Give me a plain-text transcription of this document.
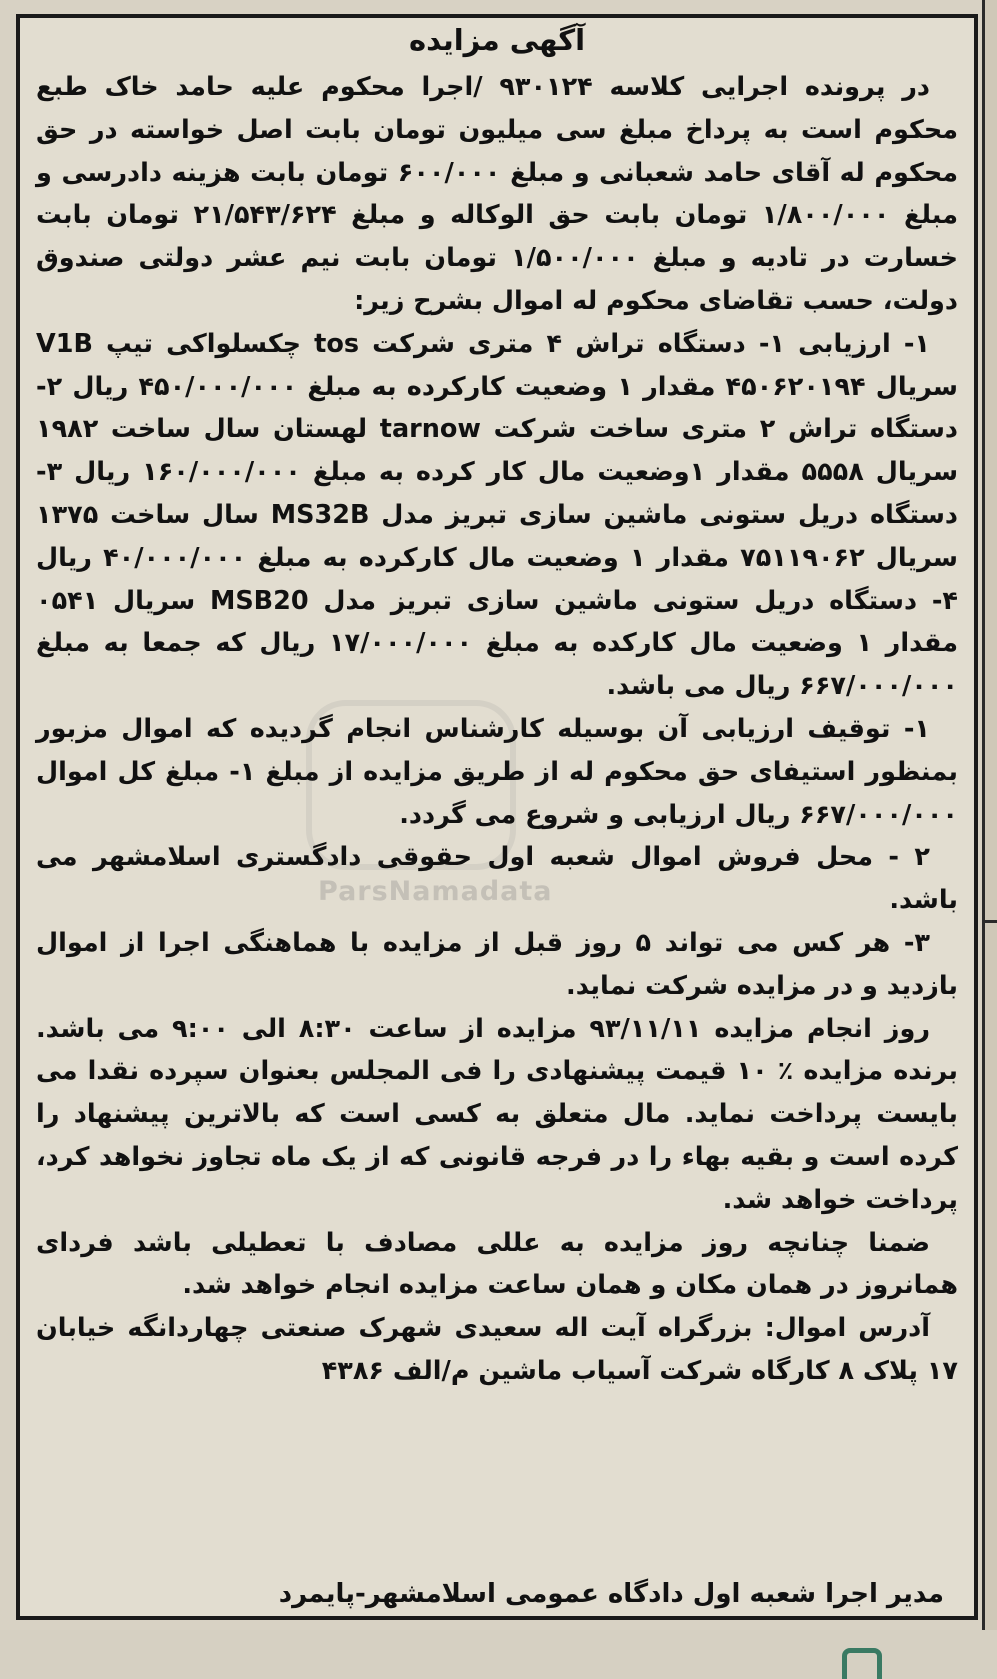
ParsNamadata
آگهی مزایده

در پرونده اجرایی کلاسه ۹۳۰۱۲۴ /اجرا محکوم علیه حامد خاک طبع محکوم است به پرداخ مبلغ سی میلیون تومان بابت اصل خواسته در حق محکوم له آقای حامد شعبانی و مبلغ ۶۰۰/۰۰۰ تومان بابت هزینه دادرسی و مبلغ ۱/۸۰۰/۰۰۰ تومان بابت حق الوکاله و مبلغ ۲۱/۵۴۳/۶۲۴ تومان بابت خسارت در تادیه و مبلغ ۱/۵۰۰/۰۰۰ تومان بابت نیم عشر دولتی صندوق دولت، حسب تقاضای محکوم له اموال بشرح زیر:

۱- ارزیابی ۱- دستگاه تراش ۴ متری شرکت tos چکسلواکی تیپ V1B سریال ۴۵۰۶۲۰۱۹۴ مقدار ۱ وضعیت کارکرده به مبلغ ۴۵۰/۰۰۰/۰۰۰ ریال ۲- دستگاه تراش ۲ متری ساخت شرکت tarnow لهستان سال ساخت ۱۹۸۲ سریال ۵۵۵۸ مقدار ۱وضعیت مال کار کرده به مبلغ ۱۶۰/۰۰۰/۰۰۰ ریال ۳- دستگاه دریل ستونی ماشین سازی تبریز مدل MS32B سال ساخت ۱۳۷۵ سریال ۷۵۱۱۹۰۶۲ مقدار ۱ وضعیت مال کارکرده به مبلغ ۴۰/۰۰۰/۰۰۰ ریال ۴- دستگاه دریل ستونی ماشین سازی تبریز مدل MSB20 سریال ۰۵۴۱ مقدار ۱ وضعیت مال کارکده به مبلغ ۱۷/۰۰۰/۰۰۰ ریال که جمعا به مبلغ ۶۶۷/۰۰۰/۰۰۰ ریال می باشد.

۱- توقیف ارزیابی آن بوسیله کارشناس انجام گردیده که اموال مزبور بمنظور استیفای حق محکوم له از طریق مزایده از مبلغ ۱- مبلغ کل اموال ۶۶۷/۰۰۰/۰۰۰ ریال ارزیابی و شروع می گردد.

۲ - محل فروش اموال شعبه اول حقوقی دادگستری اسلامشهر می باشد.

۳- هر کس می تواند ۵ روز قبل از مزایده با هماهنگی اجرا از اموال بازدید و در مزایده شرکت نماید.

روز انجام مزایده ۹۳/۱۱/۱۱ مزایده از ساعت ۸:۳۰ الی ۹:۰۰ می باشد. برنده مزایده ٪ ۱۰ قیمت پیشنهادی را فی المجلس بعنوان سپرده نقدا می بایست پرداخت نماید. مال متعلق به کسی است که بالاترین پیشنهاد را کرده است و بقیه بهاء را در فرجه قانونی که از یک ماه تجاوز نخواهد کرد، پرداخت خواهد شد.

ضمنا چنانچه روز مزایده به عللی مصادف با تعطیلی باشد فردای همانروز در همان مکان و همان ساعت مزایده انجام خواهد شد.

آدرس اموال: بزرگراه آیت اله سعیدی شهرک صنعتی چهاردانگه خیابان ۱۷ پلاک ۸ کارگاه شرکت آسیاب ماشین م/الف ۴۳۸۶

مدیر اجرا شعبه اول دادگاه عمومی اسلامشهر-پایمرد
